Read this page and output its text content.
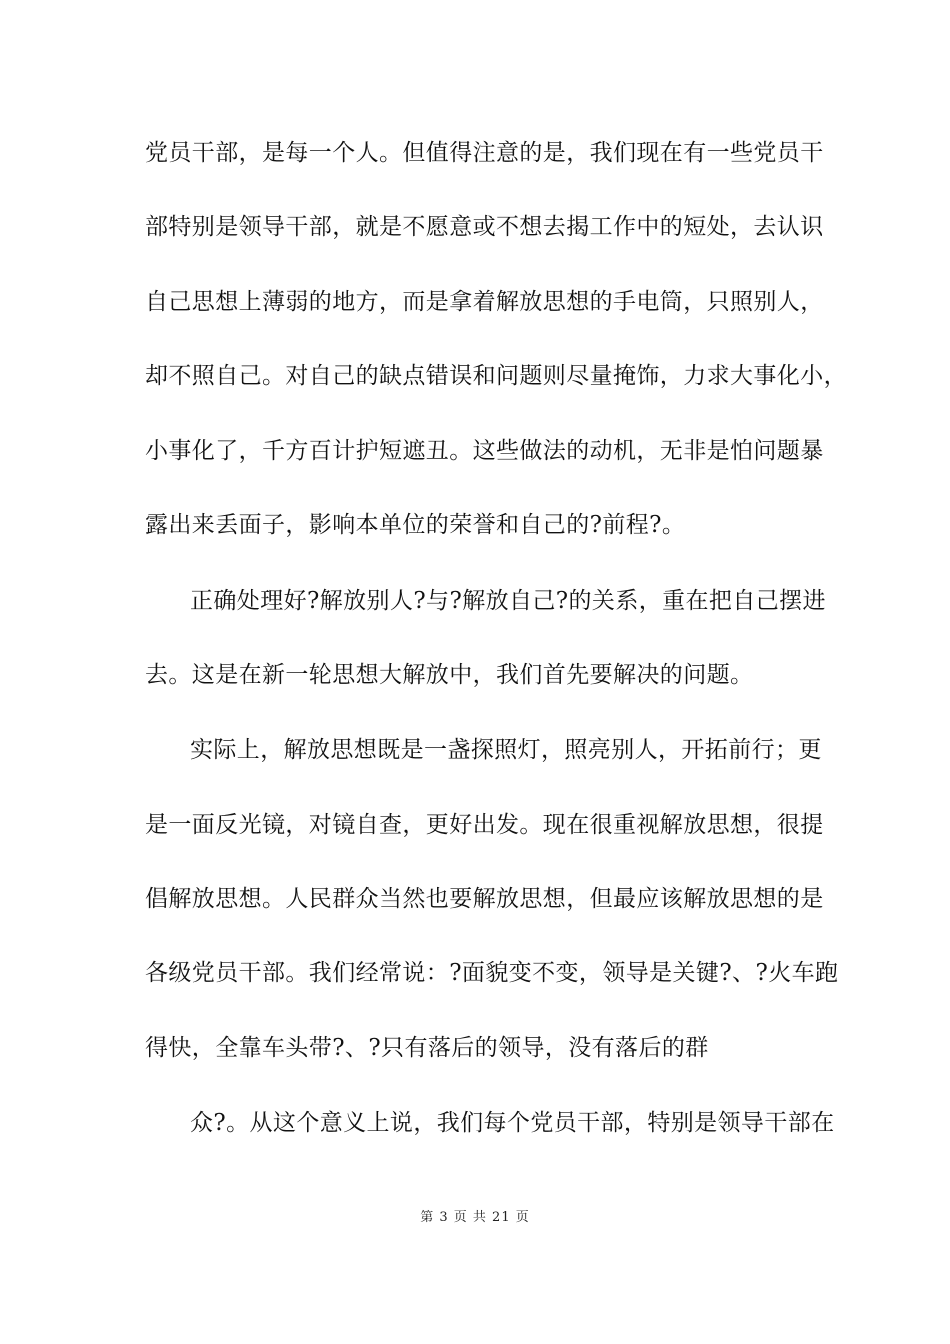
党员干部，是每一个人。但值得注意的是，我们现在有一些党员干
部特别是领导干部，就是不愿意或不想去揭工作中的短处，去认识
自己思想上薄弱的地方，而是拿着解放思想的手电筒，只照别人，
却不照自己。对自己的缺点错误和问题则尽量掩饰，力求大事化小，
小事化了，千方百计护短遮丑。这些做法的动机，无非是怕问题暴
露出来丢面子，影响本单位的荣誉和自己的?前程?。
正确处理好?解放别人?与?解放自己?的关系，重在把自己摆进
去。这是在新一轮思想大解放中，我们首先要解决的问题。
实际上，解放思想既是一盏探照灯，照亮别人，开拓前行；更
是一面反光镜，对镜自查，更好出发。现在很重视解放思想，很提
倡解放思想。人民群众当然也要解放思想，但最应该解放思想的是
各级党员干部。我们经常说：?面貌变不变，领导是关键?、?火车跑
得快，全靠车头带?、?只有落后的领导，没有落后的群
众?。从这个意义上说，我们每个党员干部，特别是领导干部在
第 3 页 共 21 页
